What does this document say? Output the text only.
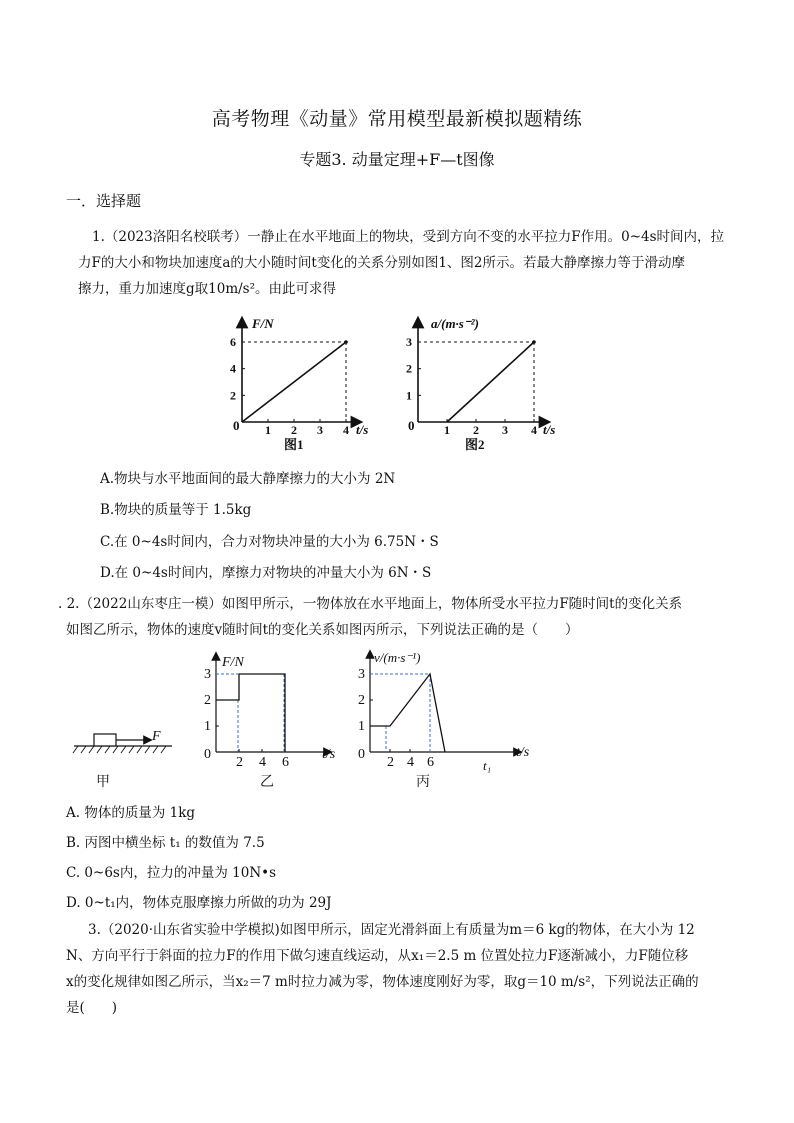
高考物理《动量》常用模型最新模拟题精练
专题3. 动量定理+F—t图像
一．选择题
1.（2023洛阳名校联考）一静止在水平地面上的物块，受到方向不变的水平拉力F作用。0~4s时间内，拉
力F的大小和物块加速度a的大小随时间t变化的关系分别如图1、图2所示。若最大静摩擦力等于滑动摩
擦力，重力加速度g取10m/s²。由此可求得
F/N
t/s
0
2
4
6
1 2 3 4
图1
a/(m·s⁻²)
t/s
0
1
2
3
1 2 3 4
图2
A.物块与水平地面间的最大静摩擦力的大小为 2N
B.物块的质量等于 1.5kg
C.在 0~4s时间内，合力对物块冲量的大小为 6.75N・S
D.在 0~4s时间内，摩擦力对物块的冲量大小为 6N・S
. 2.（2022山东枣庄一模）如图甲所示，一物体放在水平地面上，物体所受水平拉力F随时间t的变化关系
如图乙所示，物体的速度v随时间t的变化关系如图丙所示，下列说法正确的是（　　）
F
甲
F/N
t/s
0
1
2
3
2 4 6
乙
v/(m·s⁻¹)
t/s
0
1
2
3
2 4 6	t₁
丙
A. 物体的质量为 1kg
B. 丙图中横坐标 t₁ 的数值为 7.5
C. 0~6s内，拉力的冲量为 10N•s
D. 0~t₁内，物体克服摩擦力所做的功为 29J
3.（2020·山东省实验中学模拟)如图甲所示，固定光滑斜面上有质量为m＝6 kg的物体，在大小为 12
N、方向平行于斜面的拉力F的作用下做匀速直线运动，从x₁＝2.5 m 位置处拉力F逐渐减小，力F随位移
x的变化规律如图乙所示，当x₂＝7 m时拉力减为零，物体速度刚好为零，取g＝10 m/s²，下列说法正确的
是(　　)
